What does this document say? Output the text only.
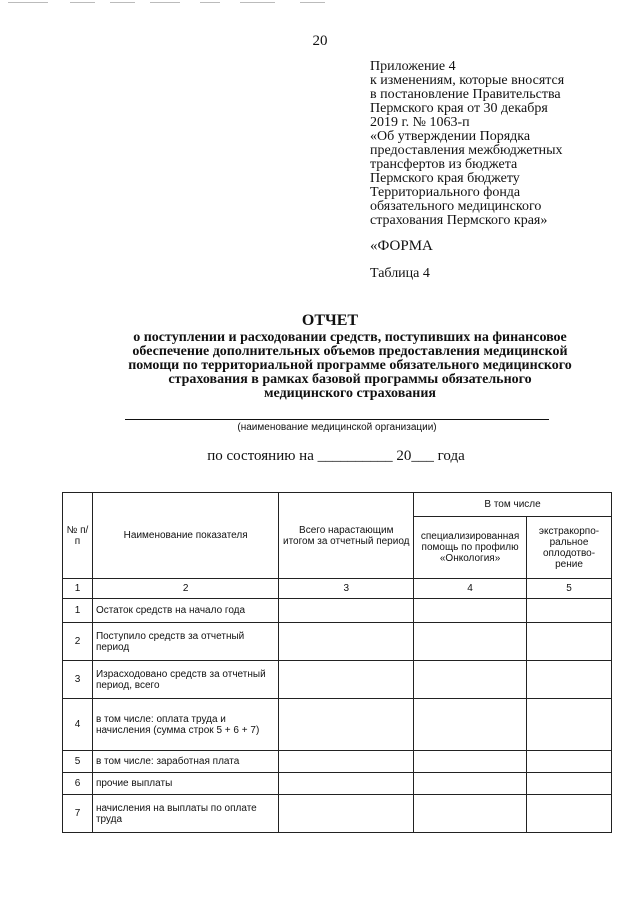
20
Приложение 4
к изменениям, которые вносятся
в постановление Правительства
Пермского края от 30 декабря
2019 г. № 1063-п
«Об утверждении Порядка
предоставления межбюджетных
трансфертов из бюджета
Пермского края бюджету
Территориального фонда
обязательного медицинского
страхования Пермского края»
«ФОРМА
Таблица 4
ОТЧЕТ
о поступлении и расходовании средств, поступивших на финансовое
обеспечение дополнительных объемов предоставления медицинской
помощи по территориальной программе обязательного медицинского
страхования в рамках базовой программы обязательного
медицинского страхования
(наименование медицинской организации)
по состоянию на __________ 20___ года
№ п/п	Наименование показателя	Всего нарастающим итогом за отчетный период	В том числе	
			специализированная помощь по профилю «Онкология»	экстракорпо-ральное оплодотво-рение
1	2	3	4	5
1	Остаток средств на начало года			
2	Поступило средств за отчетный период			
3	Израсходовано средств за отчетный период, всего			
4	в том числе: оплата труда и начисления (сумма строк 5 + 6 + 7)			
5	в том числе: заработная плата			
6	прочие выплаты			
7	начисления на выплаты по оплате труда			
